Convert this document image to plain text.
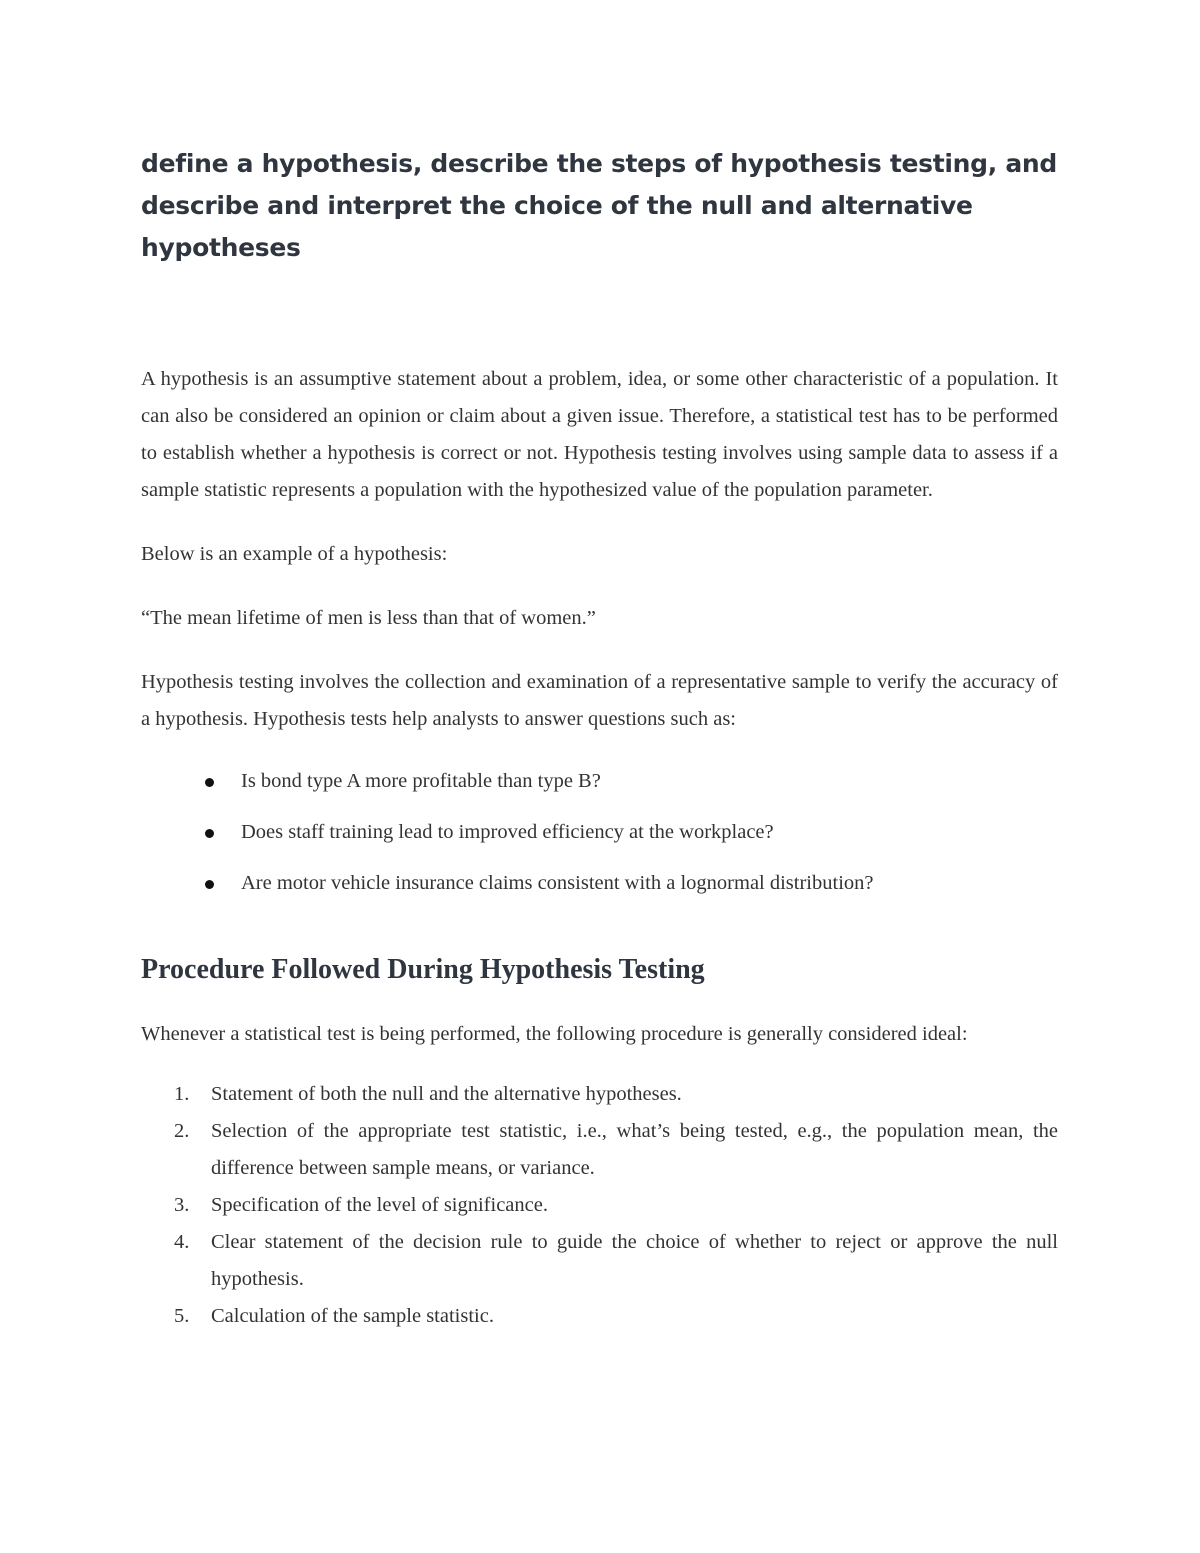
define a hypothesis, describe the steps of hypothesis testing, and describe and interpret the choice of the null and alternative hypotheses

A hypothesis is an assumptive statement about a problem, idea, or some other characteristic of a population. It can also be considered an opinion or claim about a given issue. Therefore, a statistical test has to be performed to establish whether a hypothesis is correct or not. Hypothesis testing involves using sample data to assess if a sample statistic represents a population with the hypothesized value of the population parameter.

Below is an example of a hypothesis:

“The mean lifetime of men is less than that of women.”

Hypothesis testing involves the collection and examination of a representative sample to verify the accuracy of a hypothesis. Hypothesis tests help analysts to answer questions such as:

Is bond type A more profitable than type B?
Does staff training lead to improved efficiency at the workplace?
Are motor vehicle insurance claims consistent with a lognormal distribution?
Procedure Followed During Hypothesis Testing

Whenever a statistical test is being performed, the following procedure is generally considered ideal:

1.	Statement of both the null and the alternative hypotheses.
2.	Selection of the appropriate test statistic, i.e., what’s being tested, e.g., the population mean, the difference between sample means, or variance.
3.	Specification of the level of significance.
4.	Clear statement of the decision rule to guide the choice of whether to reject or approve the null hypothesis.
5.	Calculation of the sample statistic.
